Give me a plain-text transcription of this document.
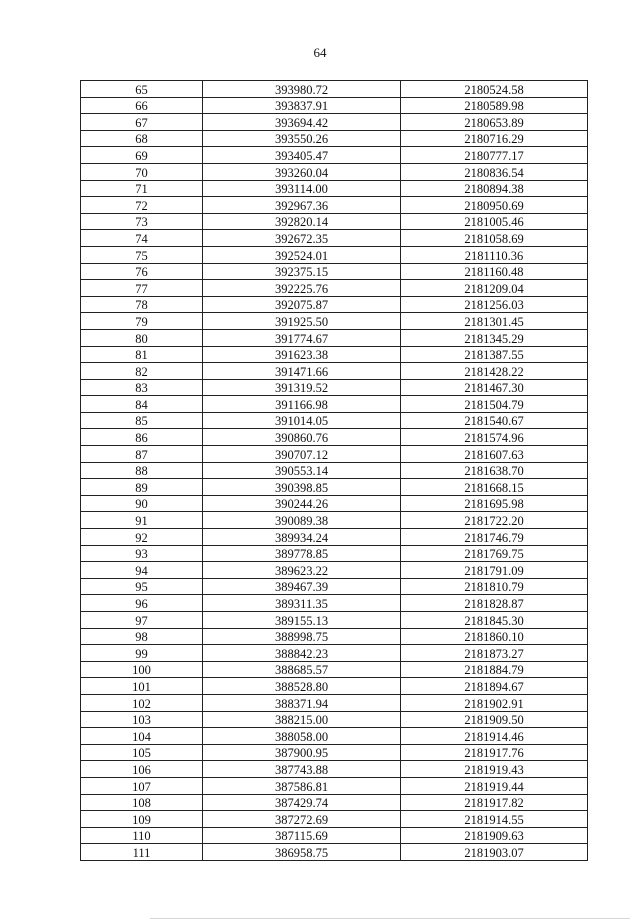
64
65	393980.72	2180524.58
66	393837.91	2180589.98
67	393694.42	2180653.89
68	393550.26	2180716.29
69	393405.47	2180777.17
70	393260.04	2180836.54
71	393114.00	2180894.38
72	392967.36	2180950.69
73	392820.14	2181005.46
74	392672.35	2181058.69
75	392524.01	2181110.36
76	392375.15	2181160.48
77	392225.76	2181209.04
78	392075.87	2181256.03
79	391925.50	2181301.45
80	391774.67	2181345.29
81	391623.38	2181387.55
82	391471.66	2181428.22
83	391319.52	2181467.30
84	391166.98	2181504.79
85	391014.05	2181540.67
86	390860.76	2181574.96
87	390707.12	2181607.63
88	390553.14	2181638.70
89	390398.85	2181668.15
90	390244.26	2181695.98
91	390089.38	2181722.20
92	389934.24	2181746.79
93	389778.85	2181769.75
94	389623.22	2181791.09
95	389467.39	2181810.79
96	389311.35	2181828.87
97	389155.13	2181845.30
98	388998.75	2181860.10
99	388842.23	2181873.27
100	388685.57	2181884.79
101	388528.80	2181894.67
102	388371.94	2181902.91
103	388215.00	2181909.50
104	388058.00	2181914.46
105	387900.95	2181917.76
106	387743.88	2181919.43
107	387586.81	2181919.44
108	387429.74	2181917.82
109	387272.69	2181914.55
110	387115.69	2181909.63
111	386958.75	2181903.07
